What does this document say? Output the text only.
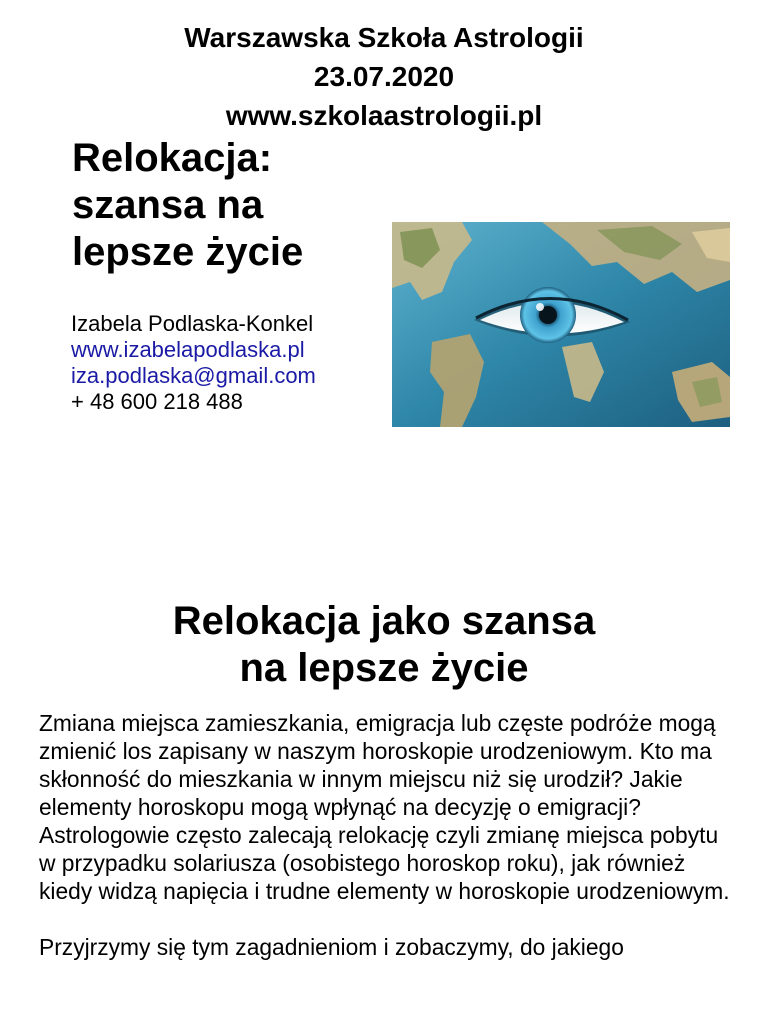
Warszawska Szkoła Astrologii
23.07.2020
www.szkolaastrologii.pl
Relokacja:
szansa na
lepsze życie
Izabela Podlaska-Konkel
www.izabelapodlaska.pl
iza.podlaska@gmail.com
+ 48 600 218 488
Relokacja jako szansa
na lepsze życie

Zmiana miejsca zamieszkania, emigracja lub częste podróże mogą zmienić los zapisany w naszym horoskopie urodzeniowym. Kto ma skłonność do mieszkania w innym miejscu niż się urodził? Jakie elementy horoskopu mogą wpłynąć na decyzję o emigracji? Astrologowie często zalecają relokację czyli zmianę miejsca pobytu w przypadku solariusza (osobistego horoskop roku), jak również kiedy widzą napięcia i trudne elementy w horoskopie urodzeniowym.

Przyjrzymy się tym zagadnieniom i zobaczymy, do jakiego
